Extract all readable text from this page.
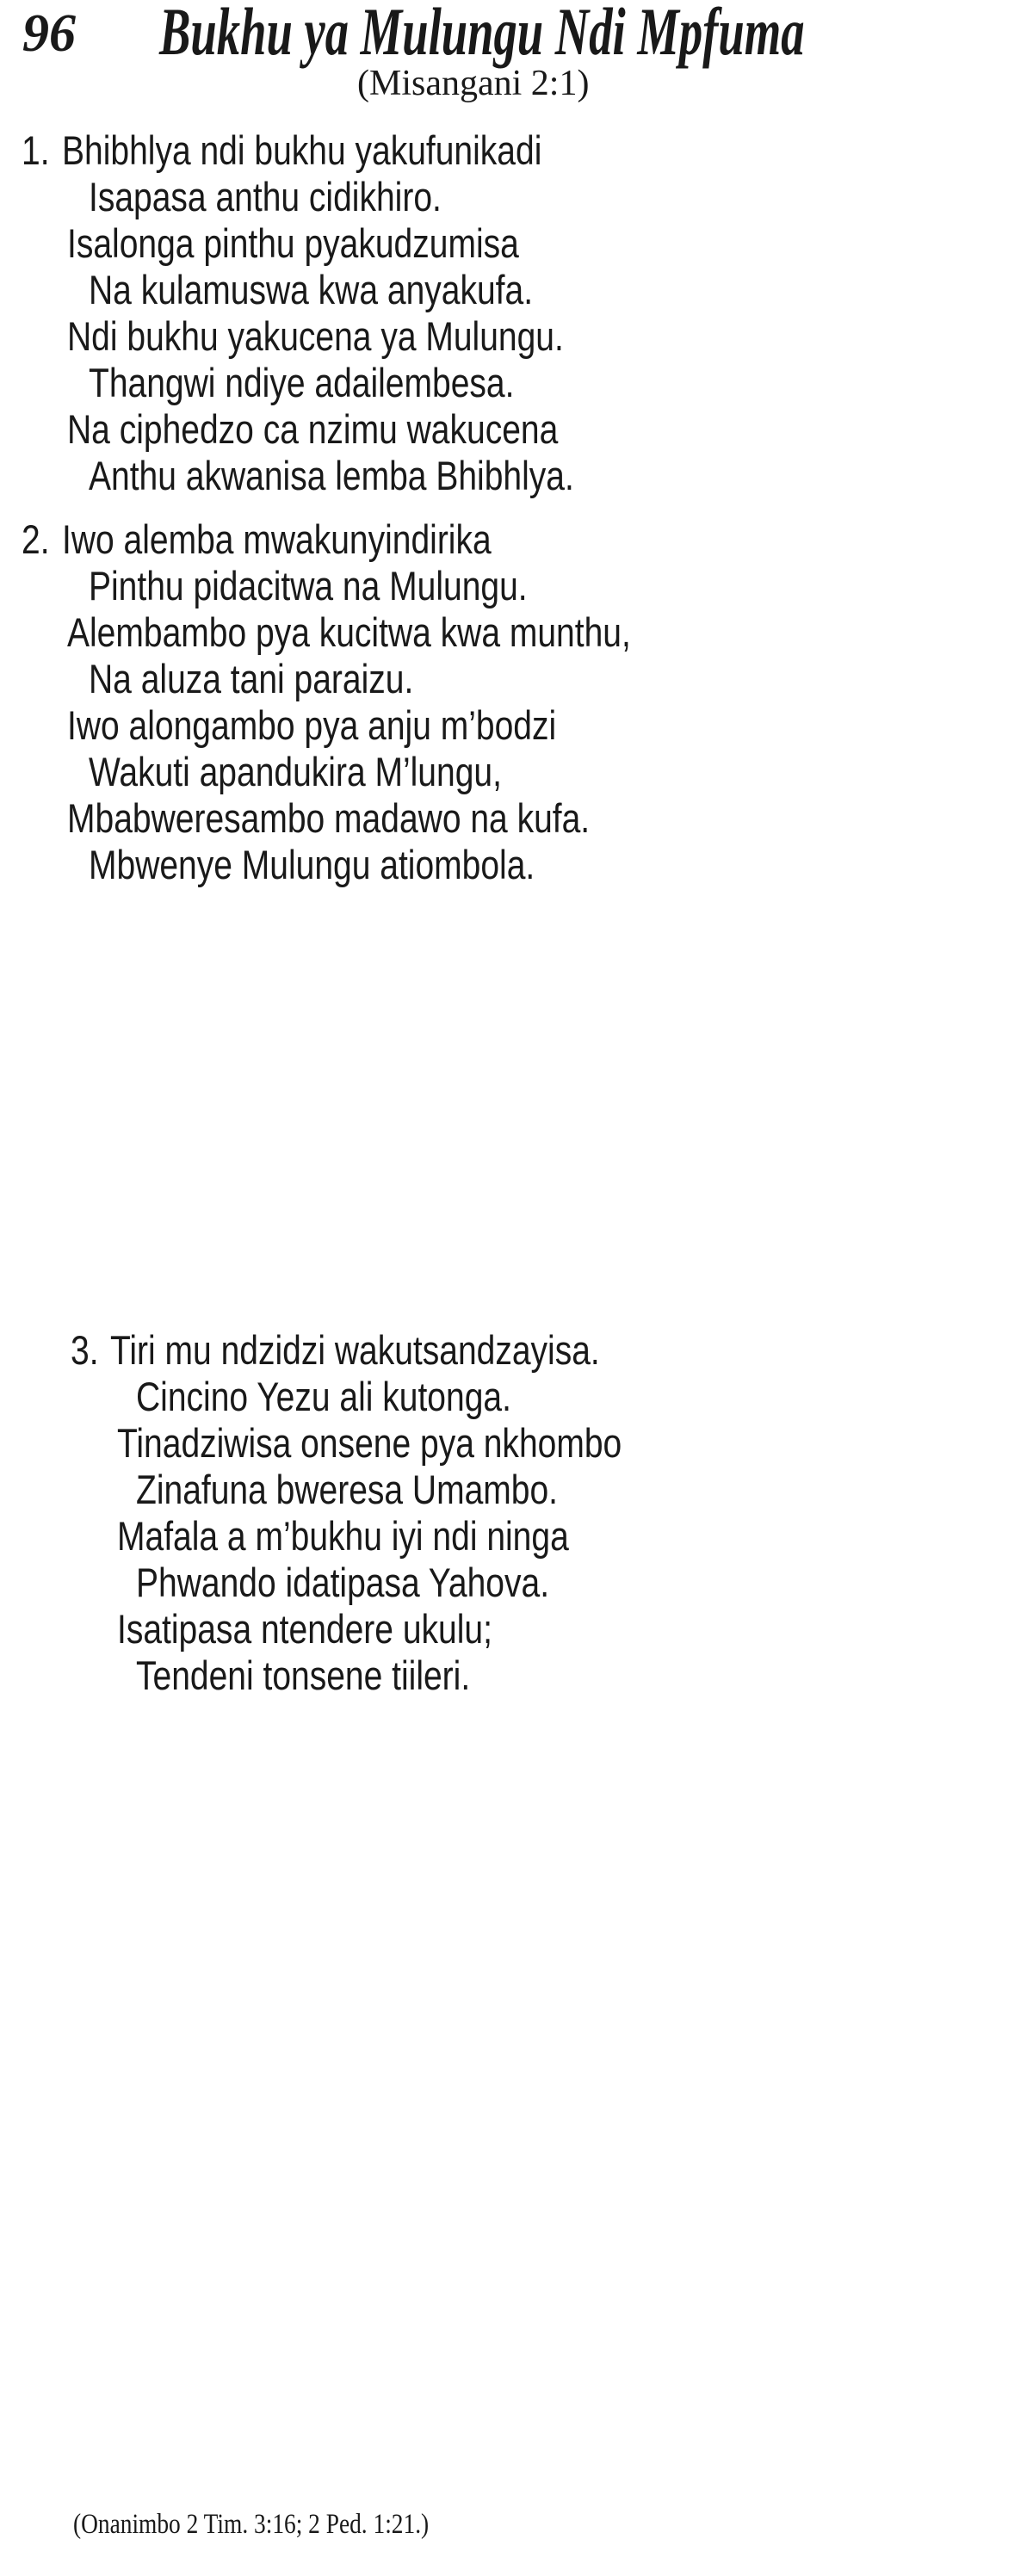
96 Bukhu ya Mulungu Ndi Mpfuma
(Misangani 2:1)
1. Bhibhlya ndi bukhu yakufunikadi
Isapasa anthu cidikhiro.
Isalonga pinthu pyakudzumisa
Na kulamuswa kwa anyakufa.
Ndi bukhu yakucena ya Mulungu.
Thangwi ndiye adailembesa.
Na ciphedzo ca nzimu wakucena
Anthu akwanisa lemba Bhibhlya.
2. Iwo alemba mwakunyindirika
Pinthu pidacitwa na Mulungu.
Alembambo pya kucitwa kwa munthu,
Na aluza tani paraizu.
Iwo alongambo pya anju m’bodzi
Wakuti apandukira M’lungu,
Mbabweresambo madawo na kufa.
Mbwenye Mulungu atiombola.
3. Tiri mu ndzidzi wakutsandzayisa.
Cincino Yezu ali kutonga.
Tinadziwisa onsene pya nkhombo
Zinafuna bweresa Umambo.
Mafala a m’bukhu iyi ndi ninga
Phwando idatipasa Yahova.
Isatipasa ntendere ukulu;
Tendeni tonsene tiileri.
(Onanimbo 2 Tim. 3:16; 2 Ped. 1:21.)
